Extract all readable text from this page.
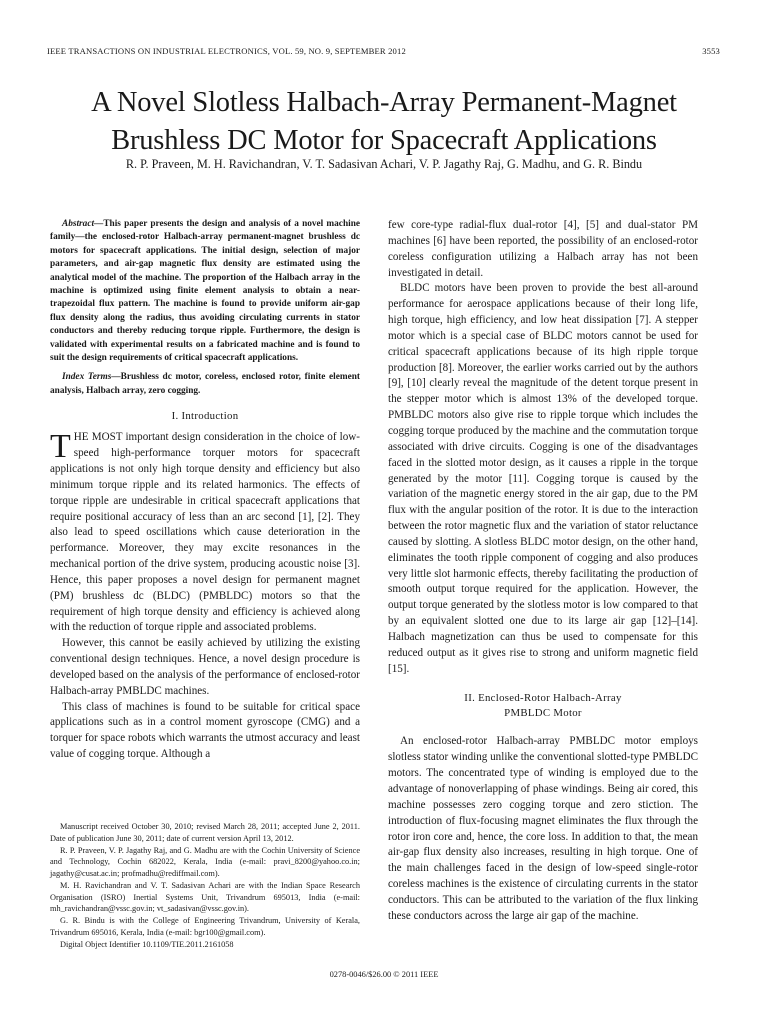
IEEE TRANSACTIONS ON INDUSTRIAL ELECTRONICS, VOL. 59, NO. 9, SEPTEMBER 2012	3553
A Novel Slotless Halbach-Array Permanent-Magnet
Brushless DC Motor for Spacecraft Applications
R. P. Praveen, M. H. Ravichandran, V. T. Sadasivan Achari, V. P. Jagathy Raj, G. Madhu, and G. R. Bindu

Abstract—This paper presents the design and analysis of a novel machine family—the enclosed-rotor Halbach-array permanent-magnet brushless dc motors for spacecraft applications. The initial design, selection of major parameters, and air-gap magnetic flux density are estimated using the analytical model of the machine. The proportion of the Halbach array in the machine is optimized using finite element analysis to obtain a near-trapezoidal flux pattern. The machine is found to provide uniform air-gap flux density along the radius, thus avoiding circulating currents in stator conductors and thereby reducing torque ripple. Furthermore, the design is validated with experimental results on a fabricated machine and is found to suit the design requirements of critical spacecraft applications.

Index Terms—Brushless dc motor, coreless, enclosed rotor, finite element analysis, Halbach array, zero cogging.

I. Introduction

THE MOST important design consideration in the choice of low-speed high-performance torquer motors for spacecraft applications is not only high torque density and efficiency but also minimum torque ripple and its related harmonics. The effects of torque ripple are undesirable in critical spacecraft applications that require positional accuracy of less than an arc second [1], [2]. They also lead to speed oscillations which cause deterioration in the performance. Moreover, they may excite resonances in the mechanical portion of the drive system, producing acoustic noise [3]. Hence, this paper proposes a novel design for permanent magnet (PM) brushless dc (BLDC) (PMBLDC) motors so that the requirement of high torque density and efficiency is achieved along with the reduction of torque ripple and associated problems.

However, this cannot be easily achieved by utilizing the existing conventional design techniques. Hence, a novel design procedure is developed based on the analysis of the performance of enclosed-rotor Halbach-array PMBLDC machines.

This class of machines is found to be suitable for critical space applications such as in a control moment gyroscope (CMG) and a torquer for space robots which warrants the utmost accuracy and least value of cogging torque. Although a

Manuscript received October 30, 2010; revised March 28, 2011; accepted June 2, 2011. Date of publication June 30, 2011; date of current version April 13, 2012.

R. P. Praveen, V. P. Jagathy Raj, and G. Madhu are with the Cochin University of Science and Technology, Cochin 682022, Kerala, India (e-mail: pravi_8200@yahoo.co.in; jagathy@cusat.ac.in; profmadhu@rediffmail.com).

M. H. Ravichandran and V. T. Sadasivan Achari are with the Indian Space Research Organisation (ISRO) Inertial Systems Unit, Trivandrum 695013, India (e-mail: mh_ravichandran@vssc.gov.in; vt_sadasivan@vssc.gov.in).

G. R. Bindu is with the College of Engineering Trivandrum, University of Kerala, Trivandrum 695016, Kerala, India (e-mail: bgr100@gmail.com).

Digital Object Identifier 10.1109/TIE.2011.2161058

few core-type radial-flux dual-rotor [4], [5] and dual-stator PM machines [6] have been reported, the possibility of an enclosed-rotor coreless configuration utilizing a Halbach array has not been investigated in detail.

BLDC motors have been proven to provide the best all-around performance for aerospace applications because of their long life, high torque, high efficiency, and low heat dissipation [7]. A stepper motor which is a special case of BLDC motors cannot be used for critical spacecraft applications because of its high ripple torque production [8]. Moreover, the earlier works carried out by the authors [9], [10] clearly reveal the magnitude of the detent torque present in the stepper motor which is almost 13% of the developed torque. PMBLDC motors also give rise to ripple torque which includes the cogging torque produced by the machine and the commutation torque associated with drive circuits. Cogging is one of the disadvantages faced in the slotted motor design, as it causes a ripple in the torque generated by the motor [11]. Cogging torque is caused by the variation of the magnetic energy stored in the air gap, due to the PM flux with the angular position of the rotor. It is due to the interaction between the rotor magnetic flux and the variation of stator reluctance caused by slotting. A slotless BLDC motor design, on the other hand, eliminates the tooth ripple component of cogging and also produces very little slot harmonic effects, thereby facilitating the production of smooth output torque required for the application. However, the output torque generated by the slotless motor is low compared to that by an equivalent slotted one due to its large air gap [12]–[14]. Halbach magnetization can thus be used to compensate for this reduced output as it gives rise to strong and uniform magnetic field [15].

II. Enclosed-Rotor Halbach-Array
PMBLDC Motor

An enclosed-rotor Halbach-array PMBLDC motor employs slotless stator winding unlike the conventional slotted-type PMBLDC motors. The concentrated type of winding is employed due to the advantage of nonoverlapping of phase windings. Being air cored, this machine possesses zero cogging torque and zero stiction. The introduction of flux-focusing magnet eliminates the flux through the rotor iron core and, hence, the core loss. In addition to that, the mean air-gap flux density also increases, resulting in high torque. One of the main challenges faced in the design of low-speed single-rotor coreless machines is the existence of circulating currents in the stator conductors. This can be attributed to the variation of the flux linking these conductors across the large air gap of the machine.

0278-0046/$26.00 © 2011 IEEE
